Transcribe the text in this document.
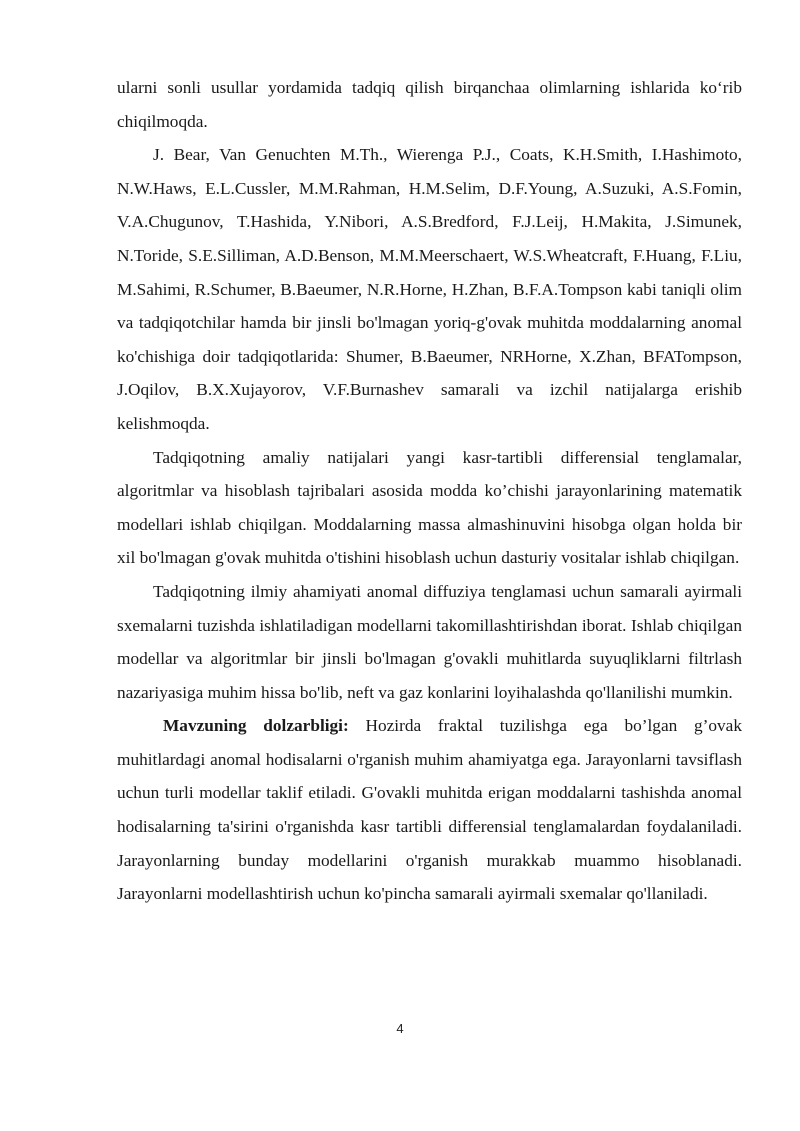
ularni sonli usullar yordamida tadqiq qilish birqanchaa olimlarning ishlarida ko‘rib chiqilmoqda.

J. Bear, Van Genuchten M.Th., Wierenga P.J., Coats, K.H.Smith, I.Hashimoto, N.W.Haws, E.L.Cussler, M.M.Rahman, H.M.Selim, D.F.Young, A.Suzuki, A.S.Fomin, V.A.Chugunov, T.Hashida, Y.Nibori, A.S.Bredford, F.J.Leij, H.Makita, J.Simunek, N.Toride, S.E.Silliman, A.D.Benson, M.M.Meerschaert, W.S.Wheatcraft, F.Huang, F.Liu, M.Sahimi, R.Schumer, B.Baeumer, N.R.Horne, H.Zhan, B.F.A.Tompson kabi taniqli olim va tadqiqotchilar hamda bir jinsli bo'lmagan yoriq-g'ovak muhitda moddalarning anomal ko'chishiga doir tadqiqotlarida: Shumer, B.Baeumer, NRHorne, X.Zhan, BFATompson, J.Oqilov, B.X.Xujayorov, V.F.Burnashev samarali va izchil natijalarga erishib kelishmoqda.

Tadqiqotning amaliy natijalari yangi kasr-tartibli differensial tenglamalar, algoritmlar va hisoblash tajribalari asosida modda ko’chishi jarayonlarining matematik modellari ishlab chiqilgan. Moddalarning massa almashinuvini hisobga olgan holda bir xil bo'lmagan g'ovak muhitda o'tishini hisoblash uchun dasturiy vositalar ishlab chiqilgan.

Tadqiqotning ilmiy ahamiyati anomal diffuziya tenglamasi uchun samarali ayirmali sxemalarni tuzishda ishlatiladigan modellarni takomillashtirishdan iborat. Ishlab chiqilgan modellar va algoritmlar bir jinsli bo'lmagan g'ovakli muhitlarda suyuqliklarni filtrlash nazariyasiga muhim hissa bo'lib, neft va gaz konlarini loyihalashda qo'llanilishi mumkin.

Mavzuning dolzarbligi: Hozirda fraktal tuzilishga ega bo’lgan g’ovak muhitlardagi anomal hodisalarni o'rganish muhim ahamiyatga ega. Jarayonlarni tavsiflash uchun turli modellar taklif etiladi. G'ovakli muhitda erigan moddalarni tashishda anomal hodisalarning ta'sirini o'rganishda kasr tartibli differensial tenglamalardan foydalaniladi. Jarayonlarning bunday modellarini o'rganish murakkab muammo hisoblanadi. Jarayonlarni modellashtirish uchun ko'pincha samarali ayirmali sxemalar qo'llaniladi.

4
